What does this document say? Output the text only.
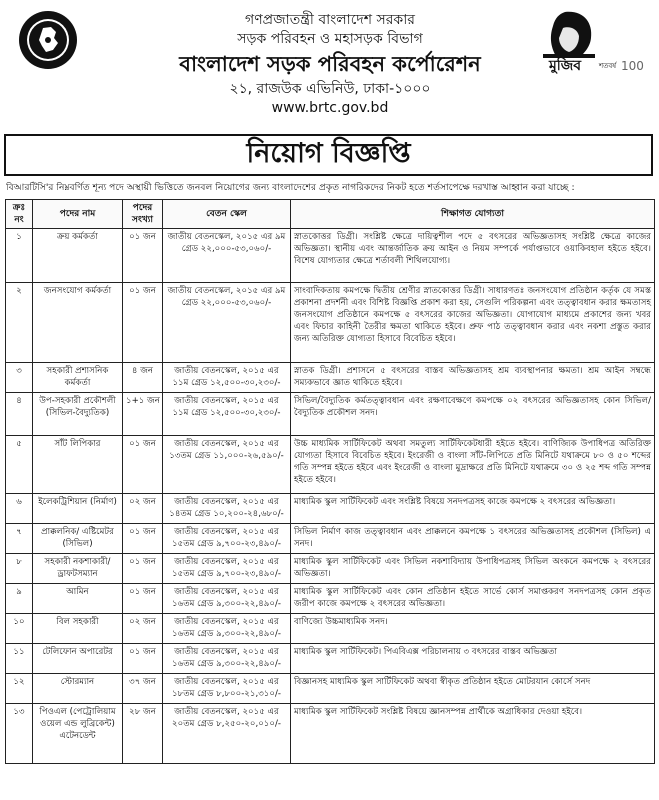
মুজিব	শতবর্ষ 100
গণপ্রজাতন্ত্রী বাংলাদেশ সরকার
সড়ক পরিবহন ও মহাসড়ক বিভাগ
বাংলাদেশ সড়ক পরিবহন কর্পোরেশন
২১, রাজউক এভিনিউ, ঢাকা-১০০০
www.brtc.gov.bd
নিয়োগ বিজ্ঞপ্তি
বিআরটিসি'র নিম্নবর্ণিত শূন্য পদে অস্থায়ী ভিত্তিতে জনবল নিয়োগের জন্য বাংলাদেশের প্রকৃত নাগরিকদের নিকট হতে শর্তসাপেক্ষে দরখাস্ত আহ্বান করা যাচ্ছে :
ক্রঃ নং	পদের নাম	পদের সংখ্যা	বেতন স্কেল	শিক্ষাগত যোগ্যতা
১	ক্রয় কর্মকর্তা	০১ জন	জাতীয় বেতনস্কেল, ২০১৫ এর ৯ম গ্রেড ২২,০০০-৫৩,০৬০/-	স্নাতকোত্তর ডিগ্রী। সংশ্লিষ্ট ক্ষেত্রে দায়িত্বশীল পদে ৫ বৎসরের অভিজ্ঞতাসহ সংশ্লিষ্ট ক্ষেত্রে কাজের অভিজ্ঞতা। স্থানীয় এবং আন্তর্জাতিক ক্রয় আইন ও নিয়ম সম্পর্কে পর্যাপ্তভাবে ওয়াকিবহাল হইতে হইবে। বিশেষ যোগ্যতার ক্ষেত্রে শর্তাবলী শিথিলযোগ্য।
২	জনসংযোগ কর্মকর্তা	০১ জন	জাতীয় বেতনস্কেল, ২০১৫ এর ৯ম গ্রেড ২২,০০০-৫৩,০৬০/-	সাংবাদিকতায় কমপক্ষে দ্বিতীয় শ্রেণীর স্নাতকোত্তর ডিগ্রী। সাধারণতঃ জনসংযোগ প্রতিষ্ঠান কর্তৃক যে সমস্ত প্রকাশনা প্রদর্শনী এবং বিশিষ্ট বিজ্ঞপ্তি প্রকাশ করা হয়, সেগুলি পরিকল্পনা এবং তত্ত্বাবধান করার ক্ষমতাসহ জনসংযোগ প্রতিষ্ঠানে কমপক্ষে ৫ বৎসরের কাজের অভিজ্ঞতা। যোগাযোগ মাধ্যমে প্রকাশের জন্য খবর এবং ফিচার কাহিনী তৈরীর ক্ষমতা থাকিতে হইবে। প্রুফ পাঠ তত্ত্বাবধান করার এবং নকশা প্রস্তুত করার জন্য অতিরিক্ত যোগ্যতা হিসাবে বিবেচিত হইবে।
৩	সহকারী প্রশাসনিক কর্মকর্তা	৪ জন	জাতীয় বেতনস্কেল, ২০১৫ এর ১১ম গ্রেড ১২,৫০০-৩০,২৩০/-	স্নাতক ডিগ্রী। প্রশাসনে ৫ বৎসরের বাস্তব অভিজ্ঞতাসহ শ্রম ব্যবস্থাপনার ক্ষমতা। শ্রম আইন সম্বন্ধে সম্যকভাবে জ্ঞাত থাকিতে হইবে।
৪	উপ-সহকারী প্রকৌশলী (সিভিল-বৈদ্যুতিক)	১+১ জন	জাতীয় বেতনস্কেল, ২০১৫ এর ১১ম গ্রেড ১২,৫০০-৩০,২৩০/-	সিভিল/বৈদ্যুতিক কর্মতত্ত্বাবধান এবং রক্ষণাবেক্ষণে কমপক্ষে ০২ বৎসরের অভিজ্ঞতাসহ কোন সিভিল/বৈদ্যুতিক প্রকৌশল সনদ।
৫	সাঁট লিপিকার	০১ জন	জাতীয় বেতনস্কেল, ২০১৫ এর ১৩তম গ্রেড ১১,০০০-২৬,৫৯০/-	উচ্চ মাধ্যমিক সার্টিফিকেট অথবা সমতুল্য সার্টিফিকেটধারী হইতে হইবে। বাণিজ্যিক উপাধিপত্র অতিরিক্ত যোগ্যতা হিসাবে বিবেচিত হইবে। ইংরেজী ও বাংলা সাঁট-লিপিতে প্রতি মিনিটে যথাক্রমে ৮০ ও ৫০ শব্দের গতি সম্পন্ন হইতে হইবে এবং ইংরেজী ও বাংলা মুদ্রাক্ষরে প্রতি মিনিটে যথাক্রমে ৩০ ও ২৫ শব্দ গতি সম্পন্ন হইতে হইবে।
৬	ইলেকট্রিশিয়ান (নির্মাণ)	০২ জন	জাতীয় বেতনস্কেল, ২০১৫ এর ১৪তম গ্রেড ১০,২০০-২৪,৬৮০/-	মাধ্যমিক স্কুল সার্টিফিকেট এবং সংশ্লিষ্ট বিষয়ে সনদপত্রসহ কাজে কমপক্ষে ২ বৎসরের অভিজ্ঞতা।
৭	প্রাক্কলনিক/ এষ্টিমেটর (সিভিল)	০১ জন	জাতীয় বেতনস্কেল, ২০১৫ এর ১৫তম গ্রেড ৯,৭০০-২৩,৪৯০/-	সিভিল নির্মাণ কাজ তত্ত্বাবধান এবং প্রাক্কলনে কমপক্ষে ১ বৎসরের অভিজ্ঞতাসহ প্রকৌশল (সিভিল) এ সনদ।
৮	সহকারী নকশাকারী/ ড্রাফটসম্যান	০১ জন	জাতীয় বেতনস্কেল, ২০১৫ এর ১৫তম গ্রেড ৯,৭০০-২৩,৪৯০/-	মাধ্যমিক স্কুল সার্টিফিকেট এবং সিভিল নকশাবিদ্যায় উপাধিপত্রসহ সিভিল অংকনে কমপক্ষে ২ বৎসরের অভিজ্ঞতা।
৯	আমিন	০১ জন	জাতীয় বেতনস্কেল, ২০১৫ এর ১৬তম গ্রেড ৯,৩০০-২২,৪৯০/-	মাধ্যমিক স্কুল সার্টিফিকেট এবং কোন প্রতিষ্ঠান হইতে সার্ভে কোর্স সমাপ্তকরণ সনদপত্রসহ কোন প্রকৃত জরীপ কাজে কমপক্ষে ২ বৎসরের অভিজ্ঞতা।
১০	বিল সহকারী	০২ জন	জাতীয় বেতনস্কেল, ২০১৫ এর ১৬তম গ্রেড ৯,৩০০-২২,৪৯০/-	বাণিজ্যে উচ্চমাধ্যমিক সনদ।
১১	টেলিফোন অপারেটর	০১ জন	জাতীয় বেতনস্কেল, ২০১৫ এর ১৬তম গ্রেড ৯,৩০০-২২,৪৯০/-	মাধ্যমিক স্কুল সার্টিফিকেট। পিএবিএক্স পরিচালনায় ৩ বৎসরের বাস্তব অভিজ্ঞতা
১২	স্টোরম্যান	৩৭ জন	জাতীয় বেতনস্কেল, ২০১৫ এর ১৮তম গ্রেড ৮,৮০০-২১,৩১০/-	বিজ্ঞানসহ মাধ্যমিক স্কুল সার্টিফিকেট অথবা স্বীকৃত প্রতিষ্ঠান হইতে মোটরযান কোর্সে সনদ
১৩	পিওএল (পেট্রোলিয়াম ওয়েল এন্ড লুব্রিকেন্ট) এটেনডেন্ট	২৮ জন	জাতীয় বেতনস্কেল, ২০১৫ এর ২০তম গ্রেড ৮,২৫০-২০,০১০/-	মাধ্যমিক স্কুল সার্টিফিকেট সংশ্লিষ্ট বিষয়ে জ্ঞানসম্পন্ন প্রার্থীকে অগ্রাধিকার দেওয়া হইবে।
